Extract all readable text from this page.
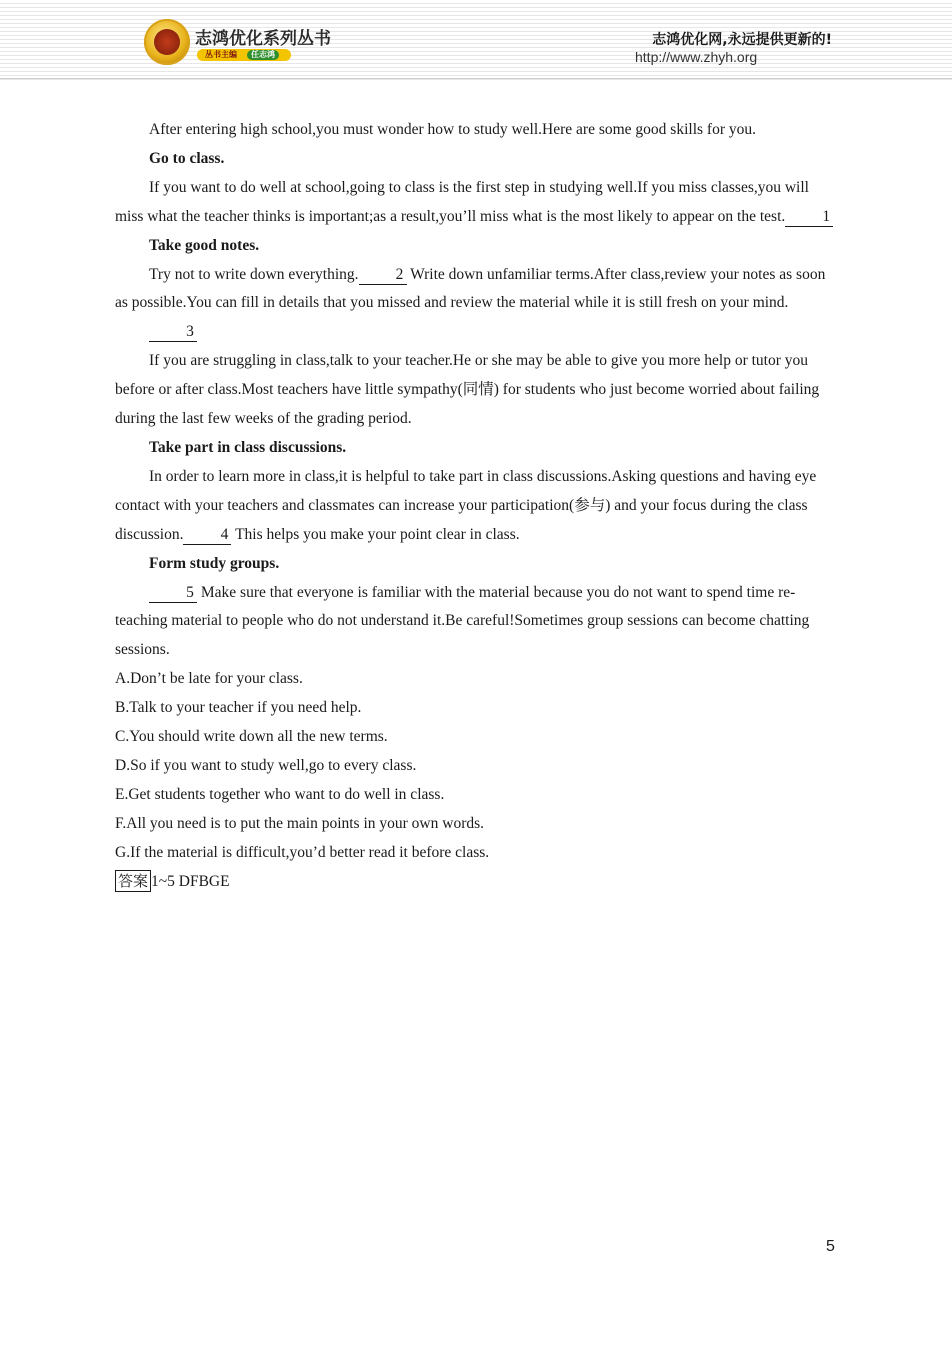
志鸿优化系列丛书
丛书主编	任志鸿
志鸿优化网,永远提供更新的!
http://www.zhyh.org

After entering high school,you must wonder how to study well.Here are some good skills for you.

Go to class.

If you want to do well at school,going to class is the first step in studying well.If you miss classes,you will miss what the teacher thinks is important;as a result,you’ll miss what is the most likely to appear on the test. 1

Take good notes.

Try not to write down everything. 2 Write down unfamiliar terms.After class,review your notes as soon as possible.You can fill in details that you missed and review the material while it is still fresh on your mind.

3

If you are struggling in class,talk to your teacher.He or she may be able to give you more help or tutor you before or after class.Most teachers have little sympathy(同情) for students who just become worried about failing during the last few weeks of the grading period.

Take part in class discussions.

In order to learn more in class,it is helpful to take part in class discussions.Asking questions and having eye contact with your teachers and classmates can increase your participation(参与) and your focus during the class discussion. 4 This helps you make your point clear in class.

Form study groups.

5 Make sure that everyone is familiar with the material because you do not want to spend time re-teaching material to people who do not understand it.Be careful!Sometimes group sessions can become chatting sessions.

A.Don’t be late for your class.

B.Talk to your teacher if you need help.

C.You should write down all the new terms.

D.So if you want to study well,go to every class.

E.Get students together who want to do well in class.

F.All you need is to put the main points in your own words.

G.If the material is difficult,you’d better read it before class.

答案 1~5 DFBGE

5
